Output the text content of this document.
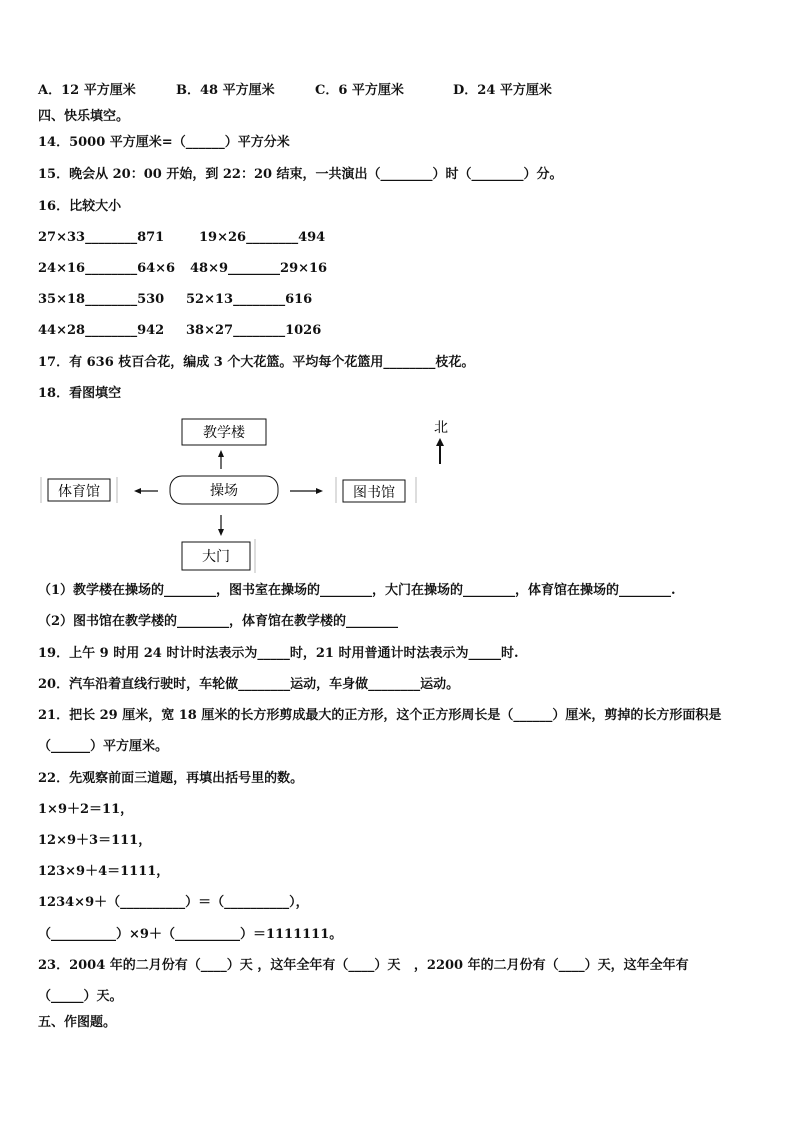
A．12 平方厘米	B．48 平方厘米	C．6 平方厘米	D．24 平方厘米
四、快乐填空。
14．5000 平方厘米=（______）平方分米
15．晚会从 20：00 开始，到 22：20 结束，一共演出（________）时（________）分。
16．比较大小
27×33________871	19×26________494
24×16________64×6 48×9________29×16
35×18________530 52×13________616
44×28________942 38×27________1026
17．有 636 枝百合花，编成 3 个大花篮。平均每个花篮用________枝花。
18．看图填空
教学楼
操场
体育馆	图书馆
大门
北
（1）教学楼在操场的________，图书室在操场的________，大门在操场的________，体育馆在操场的________.
（2）图书馆在教学楼的________，体育馆在教学楼的________
19．上午 9 时用 24 时计时法表示为_____时，21 时用普通计时法表示为_____时.
20．汽车沿着直线行驶时，车轮做________运动，车身做________运动。
21．把长 29 厘米，宽 18 厘米的长方形剪成最大的正方形，这个正方形周长是（______）厘米，剪掉的长方形面积是
（______）平方厘米。
22．先观察前面三道题，再填出括号里的数。
1×9＋2＝11，
12×9＋3＝111，
123×9＋4＝1111，
1234×9＋（__________）＝（__________），
（__________）×9＋（__________）＝1111111。
23．2004 年的二月份有（____）天 ，这年全年有（____）天   ，2200 年的二月份有（____）天，这年全年有
（_____）天。
五、作图题。
